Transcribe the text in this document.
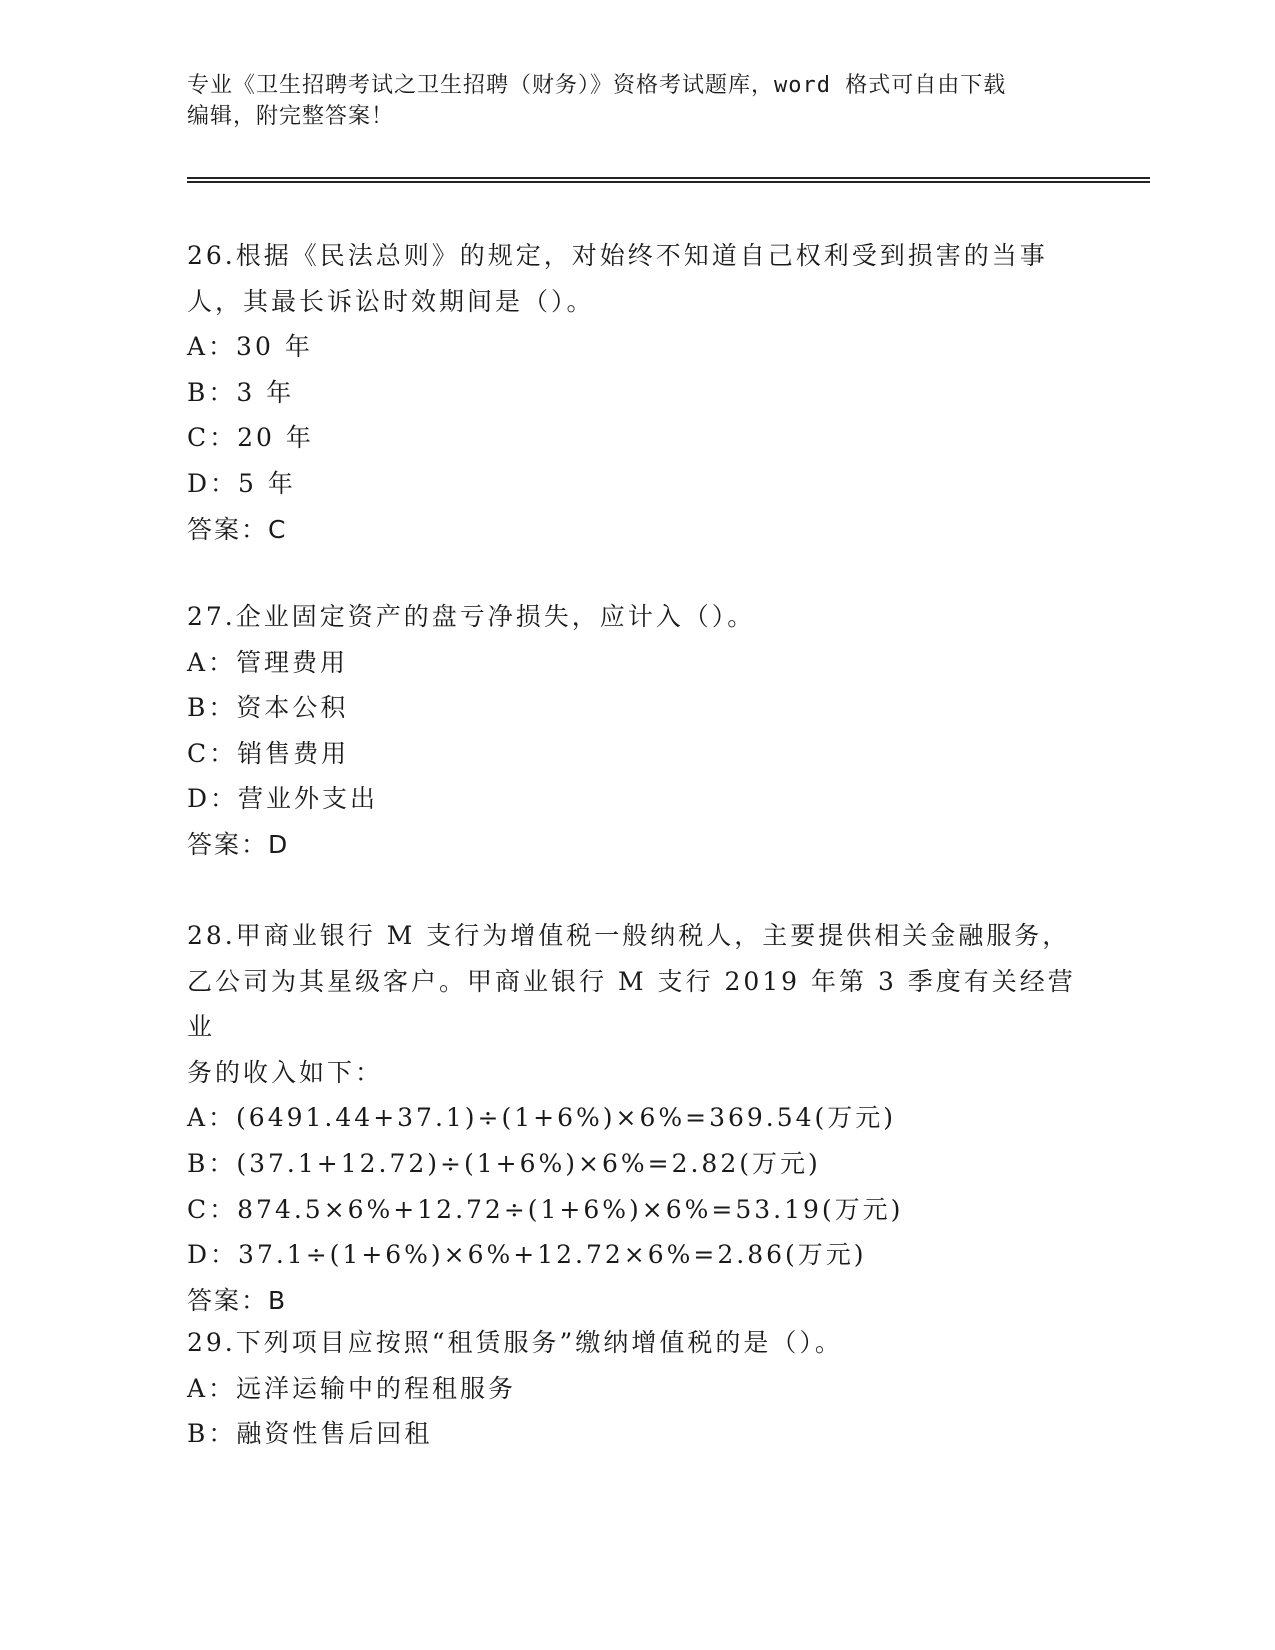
专业《卫生招聘考试之卫生招聘（财务）》资格考试题库，word 格式可自由下载
编辑，附完整答案！
26.根据《民法总则》的规定，对始终不知道自己权利受到损害的当事
人，其最长诉讼时效期间是（）。
A：30 年
B：3 年
C：20 年
D：5 年
答案：C
27.企业固定资产的盘亏净损失，应计入（）。
A：管理费用
B：资本公积
C：销售费用
D：营业外支出
答案：D
28.甲商业银行 M 支行为增值税一般纳税人，主要提供相关金融服务，
乙公司为其星级客户。甲商业银行 M 支行 2019 年第 3 季度有关经营业
务的收入如下：
A：(6491.44+37.1)÷(1+6%)×6%=369.54(万元)
B：(37.1+12.72)÷(1+6%)×6%=2.82(万元)
C：874.5×6%+12.72÷(1+6%)×6%=53.19(万元)
D：37.1÷(1+6%)×6%+12.72×6%=2.86(万元)
答案：B
29.下列项目应按照“租赁服务”缴纳增值税的是（）。
A：远洋运输中的程租服务
B：融资性售后回租
